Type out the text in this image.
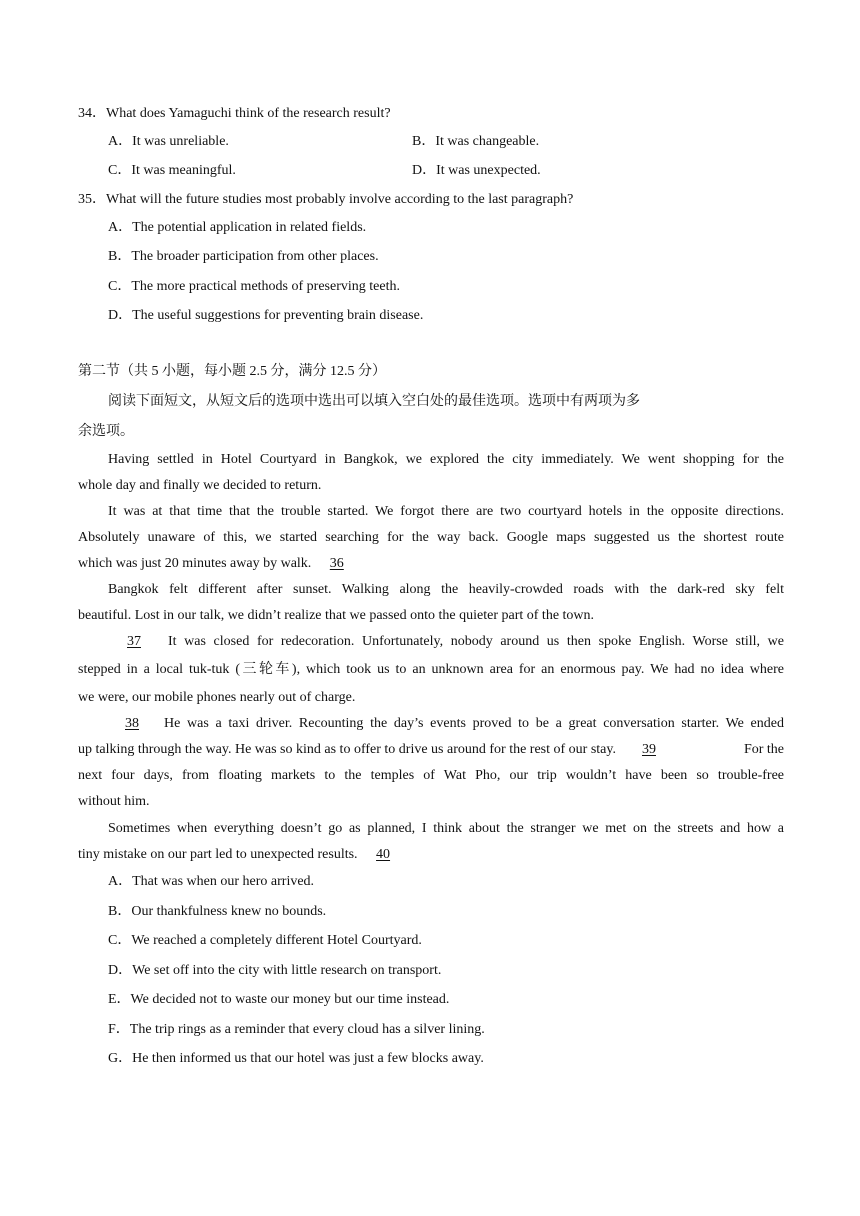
34．What does Yamaguchi think of the research result?
A．It was unreliable.	B．It was changeable.
C．It was meaningful.	D．It was unexpected.
35．What will the future studies most probably involve according to the last paragraph?
A．The potential application in related fields.
B．The broader participation from other places.
C．The more practical methods of preserving teeth.
D．The useful suggestions for preventing brain disease.
第二节（共 5 小题，每小题 2.5 分，满分 12.5 分）
阅读下面短文，从短文后的选项中选出可以填入空白处的最佳选项。选项中有两项为多
余选项。
Having settled in Hotel Courtyard in Bangkok, we explored the city immediately. We went shopping for the
whole day and finally we decided to return.
It was at that time that the trouble started. We forgot there are two courtyard hotels in the opposite directions.
Absolutely unaware of this, we started searching for the way back. Google maps suggested us the shortest route
which was just 20 minutes away by walk. 36
Bangkok felt different after sunset. Walking along the heavily-crowded roads with the dark-red sky felt
beautiful. Lost in our talk, we didn’t realize that we passed onto the quieter part of the town.
37	It was closed for redecoration. Unfortunately, nobody around us then spoke English. Worse still, we
stepped in a local tuk-tuk (三轮车), which took us to an unknown area for an enormous pay. We had no idea where
we were, our mobile phones nearly out of charge.
38	He was a taxi driver. Recounting the day’s events proved to be a great conversation starter. We ended
up talking through the way. He was so kind as to offer to drive us around for the rest of our stay.	39	For the
next four days, from floating markets to the temples of Wat Pho, our trip wouldn’t have been so trouble-free
without him.
Sometimes when everything doesn’t go as planned, I think about the stranger we met on the streets and how a
tiny mistake on our part led to unexpected results. 40
A．That was when our hero arrived.
B．Our thankfulness knew no bounds.
C．We reached a completely different Hotel Courtyard.
D．We set off into the city with little research on transport.
E．We decided not to waste our money but our time instead.
F．The trip rings as a reminder that every cloud has a silver lining.
G．He then informed us that our hotel was just a few blocks away.
